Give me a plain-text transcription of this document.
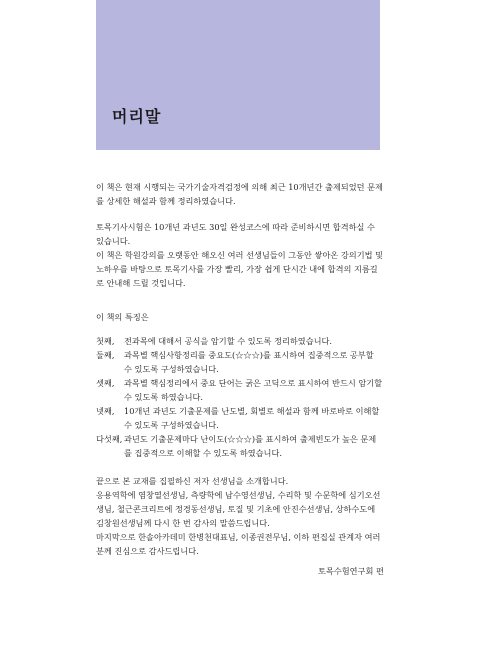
머리말

이 책은 현재 시행되는 국가기술자격검정에 의해 최근 10개년간 출제되었던 문제를 상세한 해설과 함께 정리하였습니다.

토목기사시험은 10개년 과년도 30일 완성코스에 따라 준비하시면 합격하실 수 있습니다.

이 책은 학원강의를 오랫동안 해오신 여러 선생님들이 그동안 쌓아온 강의기법 및 노하우를 바탕으로 토목기사를 가장 빨리, 가장 쉽게 단시간 내에 합격의 지름길로 안내해 드릴 것입니다.

이 책의 특징은

첫째,	전과목에 대해서 공식을 암기할 수 있도록 정리하였습니다.
둘째,	과목별 핵심사항정리를 중요도(☆☆☆)를 표시하여 집중적으로 공부할 수 있도록 구성하였습니다.
셋째,	과목별 핵심정리에서 중요 단어는 굵은 고딕으로 표시하여 반드시 암기할 수 있도록 하였습니다.
넷째,	10개년 과년도 기출문제를 난도별, 회별로 해설과 함께 바로바로 이해할 수 있도록 구성하였습니다.
다섯째, 과년도 기출문제마다 난이도(☆☆☆)를 표시하여 출제빈도가 높은 문제를 집중적으로 이해할 수 있도록 하였습니다.

끝으로 본 교재를 집필하신 저자 선생님을 소개합니다.

응용역학에 염창열선생님, 측량학에 남수영선생님, 수리학 및 수문학에 심기오선생님, 철근콘크리트에 정경동선생님, 토질 및 기초에 안진수선생님, 상하수도에 김창원선생님께 다시 한 번 감사의 말씀드립니다.

마지막으로 한솔아카데미 한병천대표님, 이종권전무님, 이하 편집실 관계자 여러분께 진심으로 감사드립니다.

토목수험연구회 편
